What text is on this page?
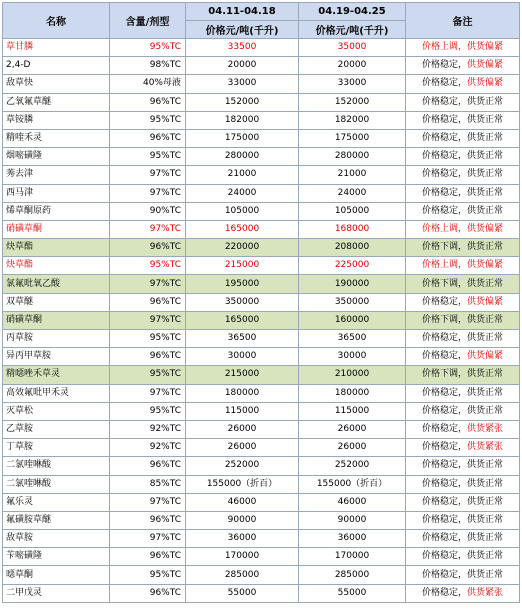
名称	含量/剂型	04.11-04.18	04.19-04.25	备注
		价格元/吨(千升)	价格元/吨(千升)	
草甘膦	95%TC	33500	35000	价格上调，供货偏紧
2,4-D	98%TC	20000	20000	价格稳定，供货偏紧
敌草快	40%母液	33000	33000	价格稳定，供货偏紧
乙氧氟草醚	96%TC	152000	152000	价格稳定，供货正常
草铵膦	95%TC	182000	182000	价格稳定，供货正常
精喹禾灵	96%TC	175000	175000	价格稳定，供货正常
烟嘧磺隆	95%TC	280000	280000	价格稳定，供货正常
莠去津	97%TC	21000	21000	价格稳定，供货正常
西马津	97%TC	24000	24000	价格稳定，供货正常
烯草酮原药	90%TC	105000	105000	价格稳定，供货正常
硝磺草酮	97%TC	165000	168000	价格上调，供货偏紧
炔草酯	96%TC	220000	208000	价格下调，供货正常
炔草酯	95%TC	215000	225000	价格上调，供货偏紧
氯氟吡氧乙酸	97%TC	195000	190000	价格下调，供货正常
双草醚	96%TC	350000	350000	价格稳定，供货偏紧
硝磺草酮	97%TC	165000	160000	价格下调，供货正常
丙草胺	95%TC	36500	36500	价格稳定，供货正常
异丙甲草胺	96%TC	30000	30000	价格稳定，供货偏紧
精噁唑禾草灵	95%TC	215000	210000	价格下调，供货正常
高效氟吡甲禾灵	97%TC	180000	180000	价格稳定，供货正常
灭草松	95%TC	115000	115000	价格稳定，供货正常
乙草胺	92%TC	26000	26000	价格稳定，供货紧张
丁草胺	92%TC	26000	26000	价格稳定，供货紧张
二氯喹啉酸	96%TC	252000	252000	价格稳定，供货正常
二氯喹啉酸	85%TC	155000（折百）	155000（折百）	价格稳定，供货正常
氟乐灵	97%TC	46000	46000	价格稳定，供货正常
氟磺胺草醚	96%TC	90000	90000	价格稳定，供货正常
敌草胺	97%TC	36000	36000	价格稳定，供货正常
苄嘧磺隆	96%TC	170000	170000	价格稳定，供货正常
噁草酮	95%TC	285000	285000	价格稳定，供货正常
二甲戊灵	96%TC	55000	55000	价格稳定，供货紧张
